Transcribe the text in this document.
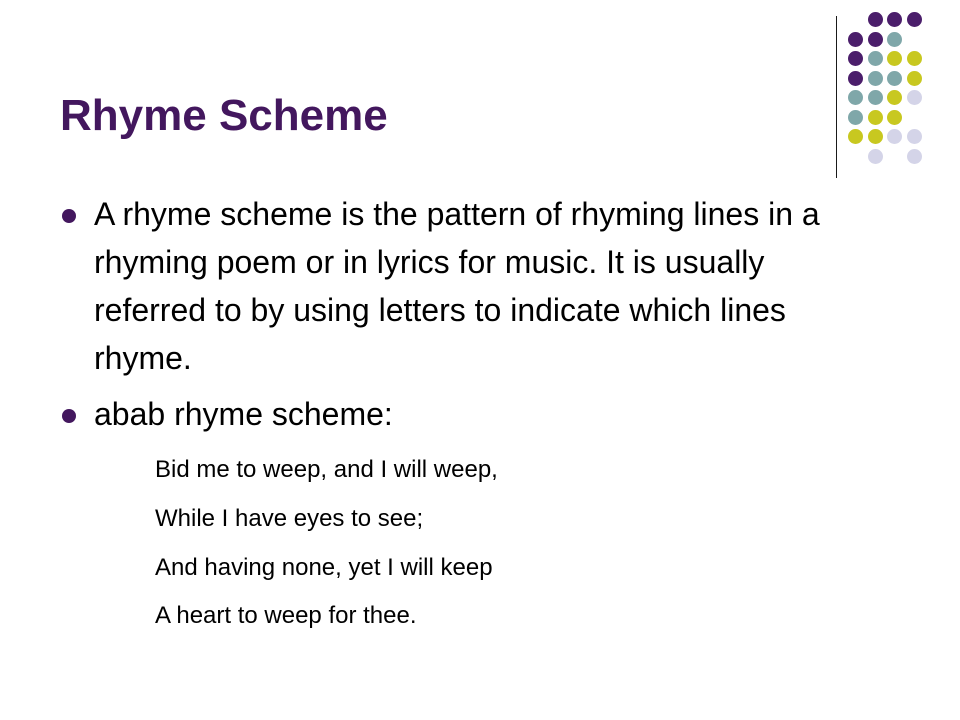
Rhyme Scheme

A rhyme scheme is the pattern of rhyming lines in a rhyming poem or in lyrics for music. It is usually referred to by using letters to indicate which lines rhyme.

abab rhyme scheme:

Bid me to weep, and I will weep,

While I have eyes to see;

And having none, yet I will keep

A heart to weep for thee.
